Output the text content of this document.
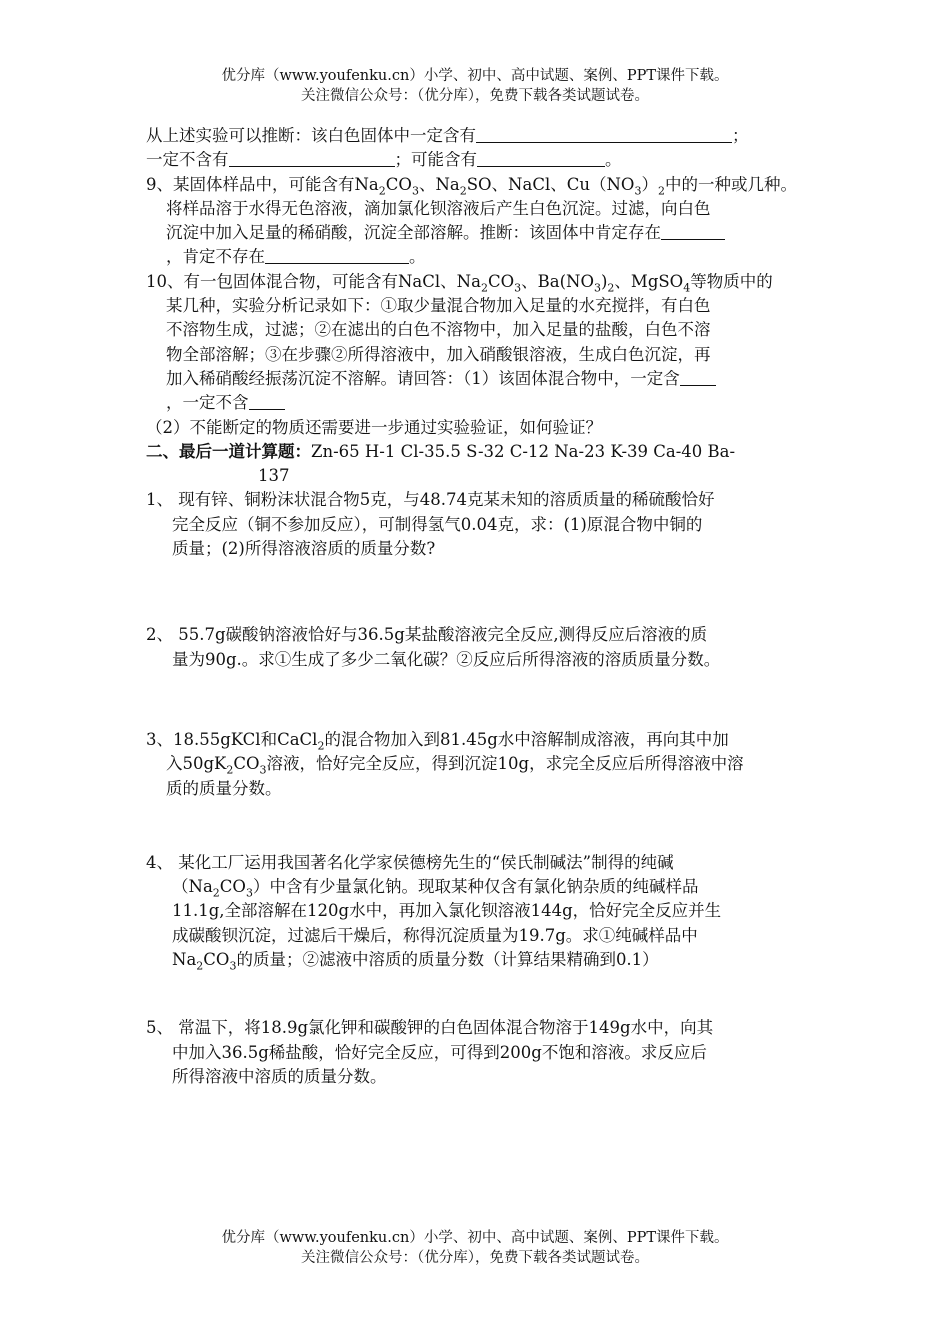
优分库（www.youfenku.cn）小学、初中、高中试题、案例、PPT课件下载。
关注微信公众号：（优分库），免费下载各类试题试卷。
从上述实验可以推断：该白色固体中一定含有	；
一定不含有	；可能含有	。
9、某固体样品中，可能含有$Na_2CO_3$、$Na_2SO$、NaCl、$Cu(NO_3)_2$中的一种或几种。
将样品溶于水得无色溶液，滴加氯化钡溶液后产生白色沉淀。过滤，向白色
沉淀中加入足量的稀硝酸，沉淀全部溶解。推断：该固体中肯定存在
，肯定不存在	。
10、有一包固体混合物，可能含有NaCl、$Na_2CO_3$、$Ba(NO_3)_2$、MgSO$_4$等物质中的
某几种，实验分析记录如下：①取少量混合物加入足量的水充搅拌，有白色
不溶物生成，过滤；②在滤出的白色不溶物中，加入足量的盐酸，白色不溶
物全部溶解；③在步骤②所得溶液中，加入硝酸银溶液，生成白色沉淀，再
加入稀硝酸经振荡沉淀不溶解。请回答：（1）该固体混合物中，一定含
，一定不含
（2）不能断定的物质还需要进一步通过实验验证，如何验证？
二、最后一道计算题：Zn-65 H-1 Cl-35.5 S-32 C-12 Na-23 K-39 Ca-40 Ba-
137
1、 现有锌、铜粉沫状混合物5克，与48.74克某未知的溶质质量的稀硫酸恰好
完全反应（铜不参加反应），可制得氢气0.04克，求：(1)原混合物中铜的
质量；(2)所得溶液溶质的质量分数?
2、 55.7g碳酸钠溶液恰好与36.5g某盐酸溶液完全反应,测得反应后溶液的质
量为90g.。求①生成了多少二氧化碳？②反应后所得溶液的溶质质量分数。
3、18.55gKCl和CaCl$_2$的混合物加入到81.45g水中溶解制成溶液，再向其中加
入$50gK_2CO_3$溶液，恰好完全反应，得到沉淀10g，求完全反应后所得溶液中溶
质的质量分数。
4、 某化工厂运用我国著名化学家侯德榜先生的“侯氏制碱法”制得的纯碱
$(Na_2CO_3)$中含有少量氯化钠。现取某种仅含有氯化钠杂质的纯碱样品
11.1g,全部溶解在120g水中，再加入氯化钡溶液144g，恰好完全反应并生
成碳酸钡沉淀，过滤后干燥后，称得沉淀质量为19.7g。求①纯碱样品中
$Na_2CO_3$的质量；②滤液中溶质的质量分数（计算结果精确到0.1）
5、 常温下，将18.9g氯化钾和碳酸钾的白色固体混合物溶于149g水中，向其
中加入36.5g稀盐酸，恰好完全反应，可得到200g不饱和溶液。求反应后
所得溶液中溶质的质量分数。
优分库（www.youfenku.cn）小学、初中、高中试题、案例、PPT课件下载。
关注微信公众号：（优分库），免费下载各类试题试卷。
